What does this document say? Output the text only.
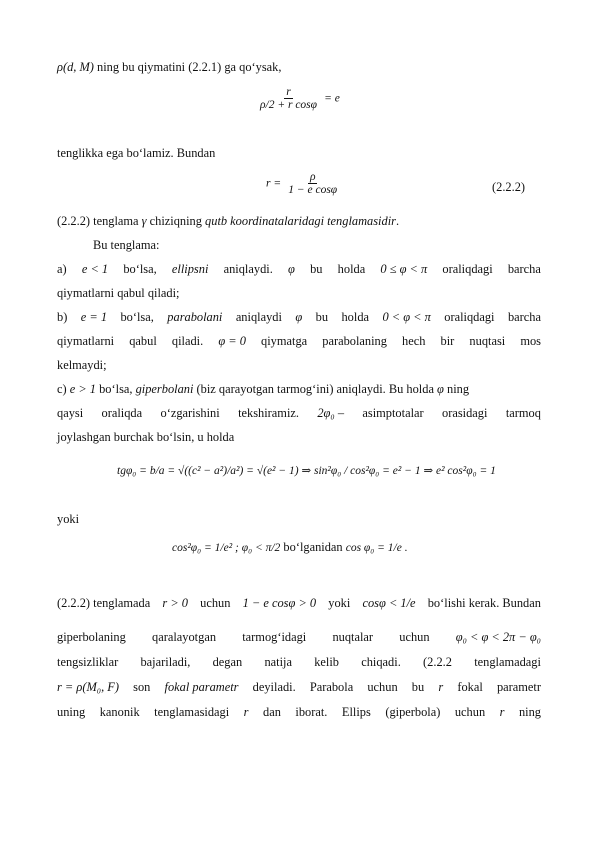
ρ(d, M) ning bu qiymatini (2.2.1) ga qo‘ysak,
$\frac{r}{\text{ρ/2 + r cosφ}} = e$
tenglikka ega bo‘lamiz. Bundan
$r = \frac{\rho}{\text{1 − e cosφ}}$	(2.2.2)
(2.2.2) tenglama γ chiziqning qutb koordinatalaridagi tenglamasidir.
Bu tenglama:
a) e < 1 bo‘lsa, ellipsni aniqlaydi. φ bu holda 0 ≤ φ < π oraliqdagi barcha
qiymatlarni qabul qiladi;
b) e = 1 bo‘lsa, parabolani aniqlaydi φ bu holda 0 < φ < π oraliqdagi barcha
qiymatlarni qabul qiladi. φ = 0 qiymatga parabolaning hech bir nuqtasi mos
kelmaydi;
c) e > 1 bo‘lsa, giperbolani (biz qarayotgan tarmog‘ini) aniqlaydi. Bu holda φ ning
qaysi oraliqda o‘zgarishini tekshiramiz. 2φ₀ – asimptotalar orasidagi tarmoq
joylashgan burchak bo‘lsin, u holda
tgφ₀ = b/a = √((c² − a²)/a²) = √(e² − 1) ⇒ sin²φ₀ / cos²φ₀ = e² − 1 ⇒ e² cos²φ₀ = 1
yoki
cos²φ₀ = 1/e² ; φ₀ < π/2 bo‘lganidan cos φ₀ = 1/e .
(2.2.2) tenglamada r > 0 uchun 1 − e cosφ > 0 yoki cosφ < 1/e bo‘lishi kerak. Bundan
giperbolaning qaralayotgan tarmog‘idagi nuqtalar uchun φ₀ < φ < 2π − φ₀
tengsizliklar bajariladi, degan natija kelib chiqadi. (2.2.2 tenglamadagi
r = ρ(M₀, F) son fokal parametr deyiladi. Parabola uchun bu r fokal parametr
uning kanonik tenglamasidagi r dan iborat. Ellips (giperbola) uchun r ning
